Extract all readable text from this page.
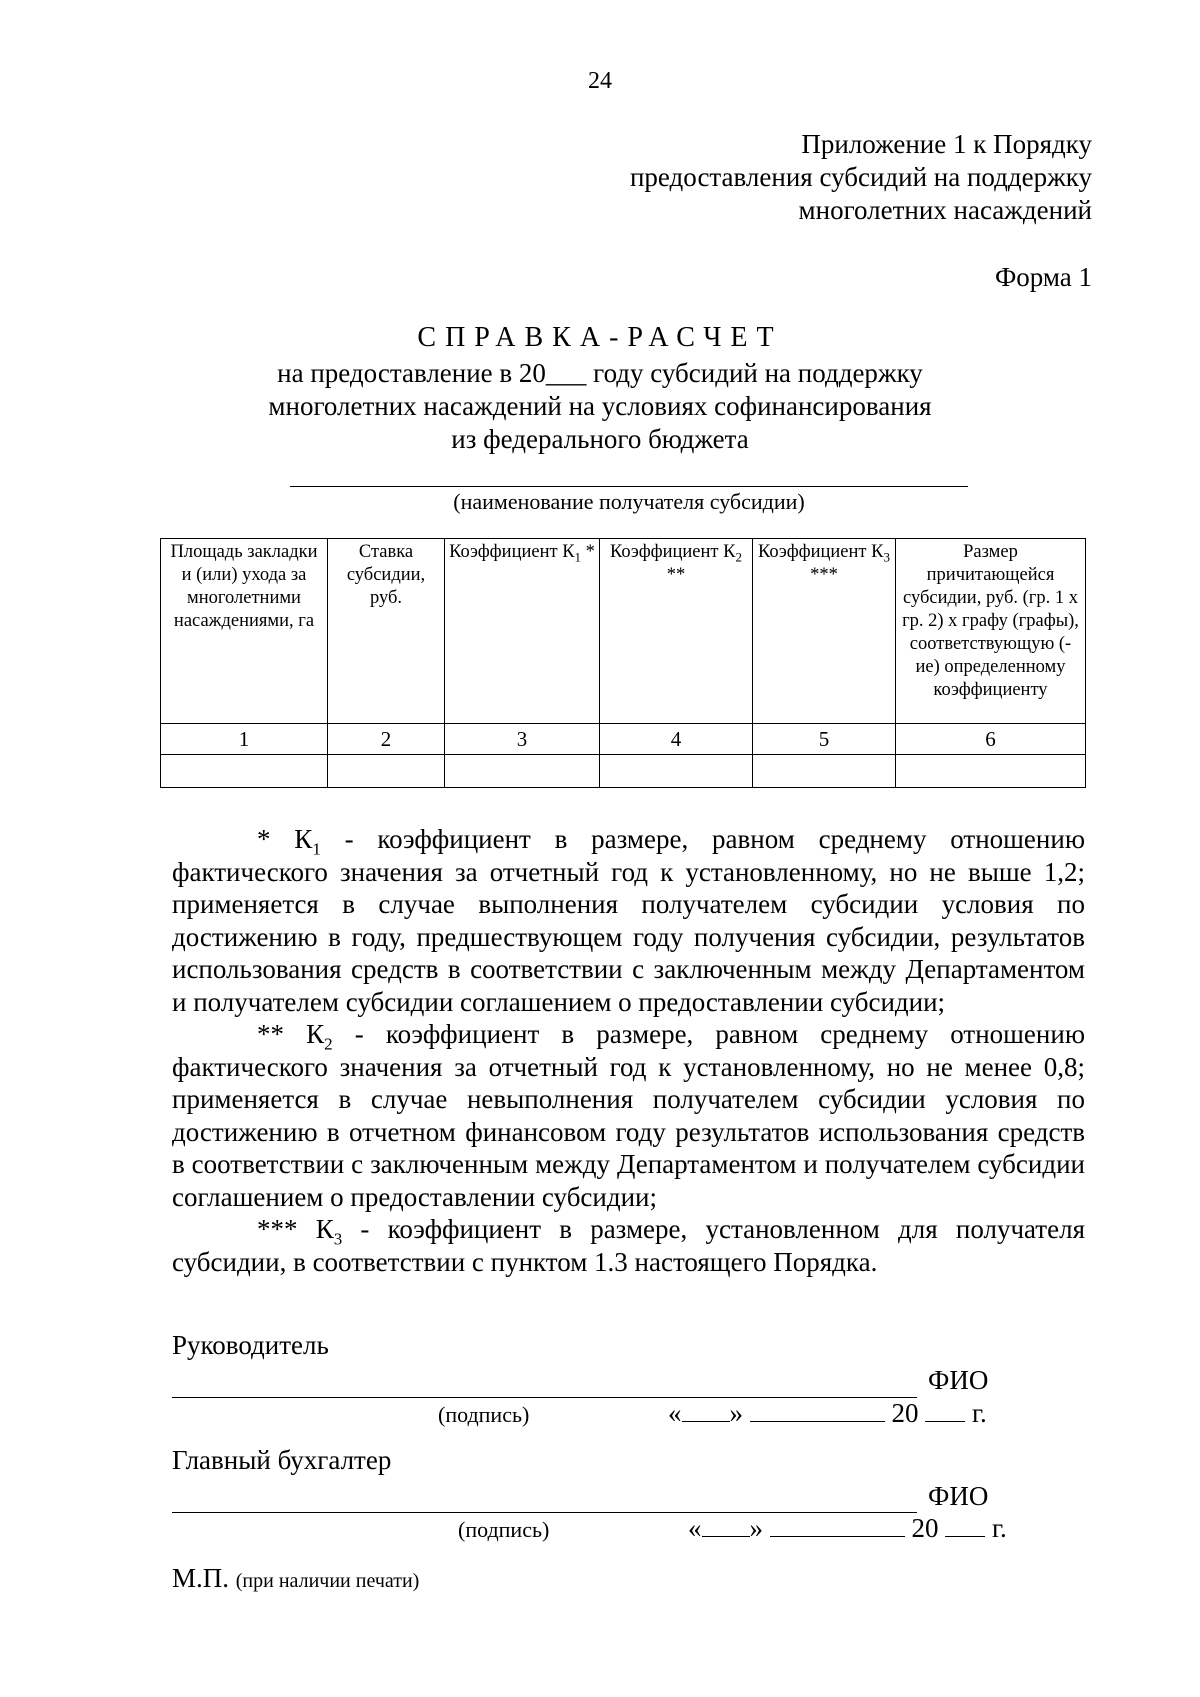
24
Приложение 1 к Порядку
предоставления субсидий на поддержку
многолетних насаждений
Форма 1
СПРАВКА-РАСЧЕТ
на предоставление в 20___ году субсидий на поддержку
многолетних насаждений на условиях софинансирования
из федерального бюджета
(наименование получателя субсидии)
Площадь закладки и (или) ухода за многолетними насаждениями, га	Ставка субсидии, руб.	Коэффициент $К_1$ *	Коэффициент $К_2$ **	Коэффициент $К_3$ ***	Размер причитающейся субсидии, руб. (гр. 1 х гр. 2) х графу (графы), соответствующую (-ие) определенному коэффициенту
1	2	3	4	5	6

* $К_1$ - коэффициент в размере, равном среднему отношению фактического значения за отчетный год к установленному, но не выше 1,2; применяется в случае выполнения получателем субсидии условия по достижению в году, предшествующем году получения субсидии, результатов использования средств в соответствии с заключенным между Департаментом и получателем субсидии соглашением о предоставлении субсидии;

** $К_2$ - коэффициент в размере, равном среднему отношению фактического значения за отчетный год к установленному, но не менее 0,8; применяется в случае невыполнения получателем субсидии условия по достижению в отчетном финансовом году результатов использования средств в соответствии с заключенным между Департаментом и получателем субсидии соглашением о предоставлении субсидии;

*** $К_3$ - коэффициент в размере, установленном для получателя субсидии, в соответствии с пунктом 1.3 настоящего Порядка.

Руководитель
ФИО
(подпись)	« »	20 г.
Главный бухгалтер
ФИО
(подпись)	« »	20 г.
М.П. (при наличии печати)
